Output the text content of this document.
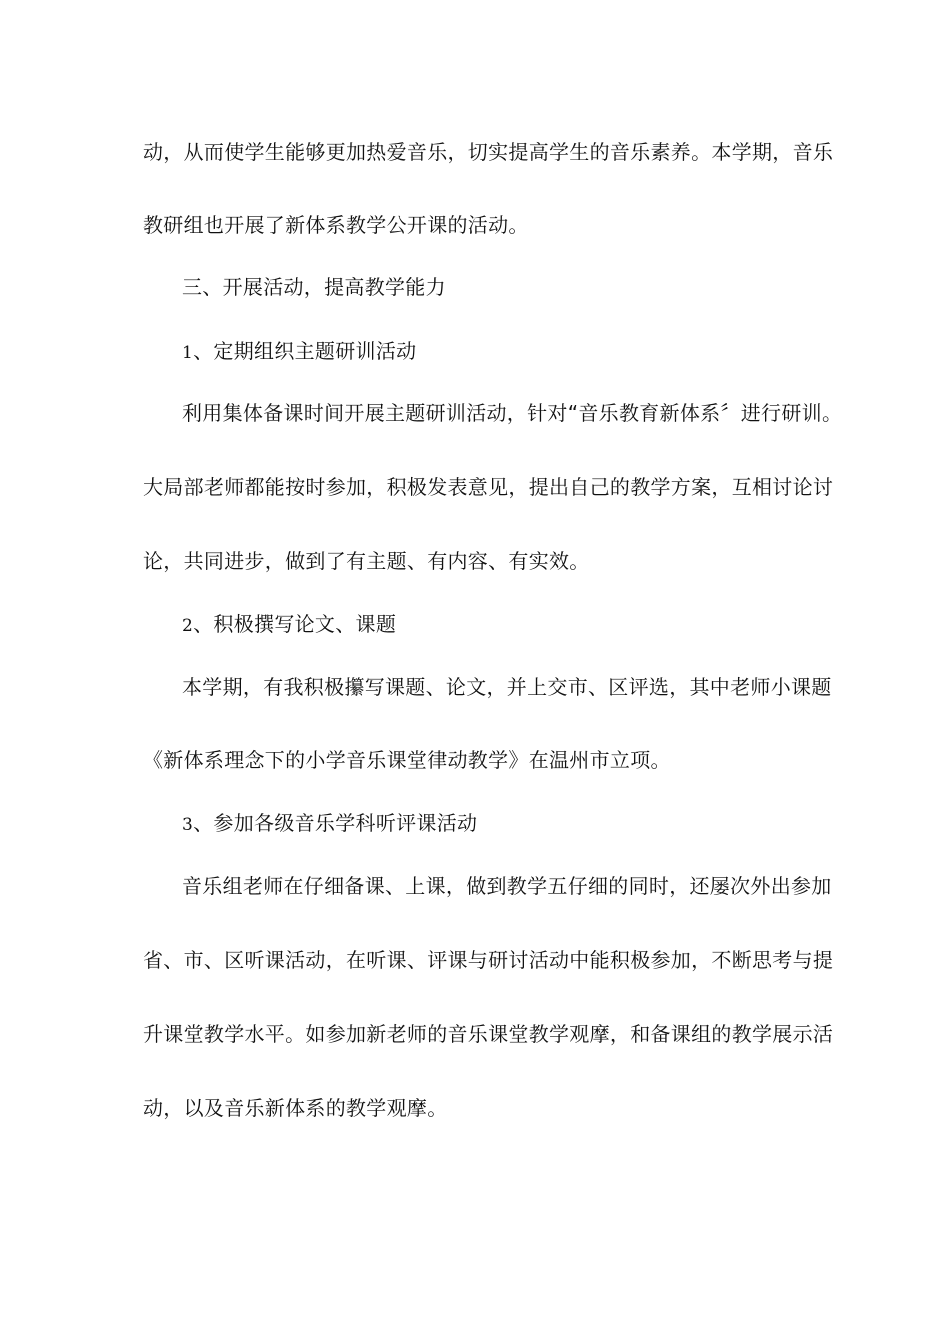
动，从而使学生能够更加热爱音乐，切实提高学生的音乐素养。本学期，音乐
教研组也开展了新体系教学公开课的活动。
三、开展活动，提高教学能力
1、定期组织主题研训活动
利用集体备课时间开展主题研训活动，针对“音乐教育新体系〞进行研训。
大局部老师都能按时参加，积极发表意见，提出自己的教学方案，互相讨论讨
论，共同进步，做到了有主题、有内容、有实效。
2、积极撰写论文、课题
本学期，有我积极攥写课题、论文，并上交市、区评选，其中老师小课题
《新体系理念下的小学音乐课堂律动教学》在温州市立项。
3、参加各级音乐学科听评课活动
音乐组老师在仔细备课、上课，做到教学五仔细的同时，还屡次外出参加
省、市、区听课活动，在听课、评课与研讨活动中能积极参加，不断思考与提
升课堂教学水平。如参加新老师的音乐课堂教学观摩，和备课组的教学展示活
动，以及音乐新体系的教学观摩。
